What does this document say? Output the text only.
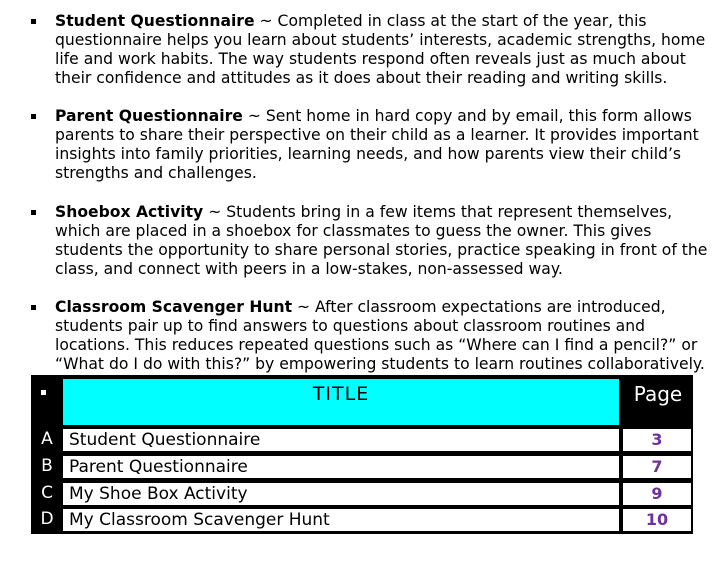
Student Questionnaire ~ Completed in class at the start of the year, this questionnaire helps you learn about students’ interests, academic strengths, home life and work habits. The way students respond often reveals just as much about their confidence and attitudes as it does about their reading and writing skills.
Parent Questionnaire ~ Sent home in hard copy and by email, this form allows parents to share their perspective on their child as a learner. It provides important insights into family priorities, learning needs, and how parents view their child’s strengths and challenges.
Shoebox Activity ~ Students bring in a few items that represent themselves, which are placed in a shoebox for classmates to guess the owner. This gives students the opportunity to share personal stories, practice speaking in front of the class, and connect with peers in a low-stakes, non-assessed way.
Classroom Scavenger Hunt ~ After classroom expectations are introduced, students pair up to find answers to questions about classroom routines and locations. This reduces repeated questions such as “Where can I find a pencil?” or “What do I do with this?” by empowering students to learn routines collaboratively.
TITLE	Page
A Student Questionnaire	3
B Parent Questionnaire	7
C My Shoe Box Activity	9
D My Classroom Scavenger Hunt	10
